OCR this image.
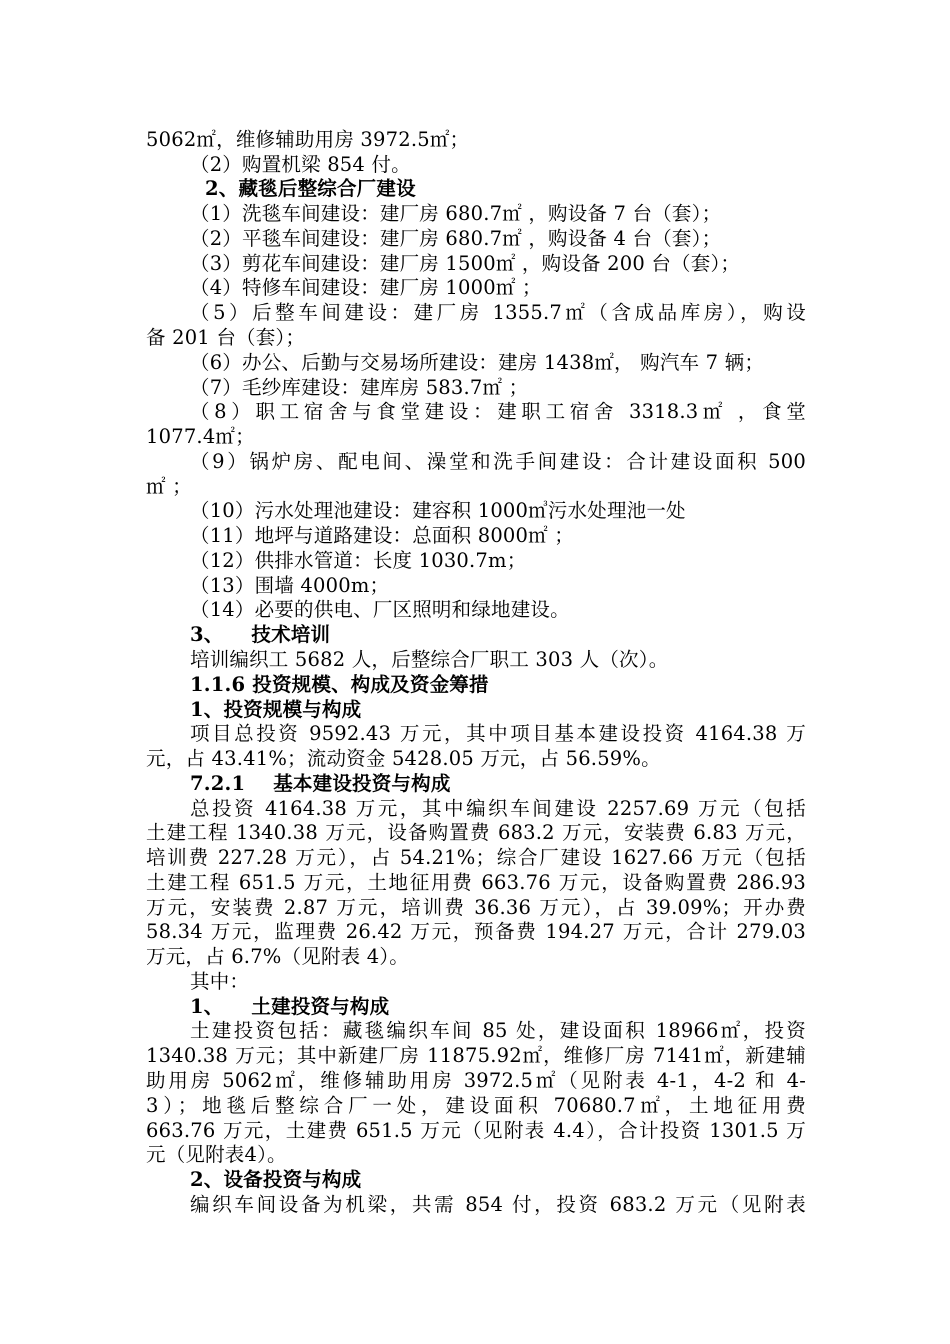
5062㎡，维修辅助用房 3972.5㎡；
（2）购置机梁 854 付。
2、藏毯后整综合厂建设
（1）洗毯车间建设：建厂房 680.7㎡ ，购设备 7 台（套）；
（2）平毯车间建设：建厂房 680.7㎡ ，购设备 4 台（套）；
（3）剪花车间建设：建厂房 1500㎡ ，购设备 200 台（套）；
（4）特修车间建设：建厂房 1000㎡ ；
（5）后整车间建设：建厂房 1355.7㎡（含成品库房），购设
备 201 台（套）；
（6）办公、后勤与交易场所建设：建房 1438㎡， 购汽车 7 辆；
（7）毛纱库建设：建库房 583.7㎡ ；
（8）职工宿舍与食堂建设：建职工宿舍 3318.3㎡ ，食堂
1077.4㎡；
（9）锅炉房、配电间、澡堂和洗手间建设：合计建设面积 500
㎡ ；
（10）污水处理池建设：建容积 1000㎥污水处理池一处
（11）地坪与道路建设：总面积 8000㎡ ；
（12）供排水管道：长度 1030.7m；
（13）围墙 4000m；
（14）必要的供电、厂区照明和绿地建设。
3、    技术培训
培训编织工 5682 人，后整综合厂职工 303 人（次）。
1.1.6 投资规模、构成及资金筹措
1、投资规模与构成
项目总投资 9592.43 万元，其中项目基本建设投资 4164.38 万
元，占 43.41%；流动资金 5428.05 万元，占 56.59%。
7.2.1    基本建设投资与构成
总投资 4164.38 万元，其中编织车间建设 2257.69 万元（包括
土建工程 1340.38 万元，设备购置费 683.2 万元，安装费 6.83 万元，
培训费 227.28 万元），占 54.21%；综合厂建设 1627.66 万元（包括
土建工程 651.5 万元，土地征用费 663.76 万元，设备购置费 286.93
万元，安装费 2.87 万元，培训费 36.36 万元），占 39.09%；开办费
58.34 万元，监理费 26.42 万元，预备费 194.27 万元，合计 279.03
万元，占 6.7%（见附表 4）。
其中：
1、    土建投资与构成
土建投资包括：藏毯编织车间 85 处，建设面积 18966㎡，投资
1340.38 万元；其中新建厂房 11875.92㎡，维修厂房 7141㎡，新建辅
助用房 5062㎡，维修辅助用房 3972.5㎡（见附表 4-1，4-2 和 4-
3）；地毯后整综合厂一处，建设面积 70680.7㎡，土地征用费
663.76 万元，土建费 651.5 万元（见附表 4.4），合计投资 1301.5 万
元（见附表4）。
2、设备投资与构成
编织车间设备为机梁，共需 854 付，投资 683.2 万元（见附表
